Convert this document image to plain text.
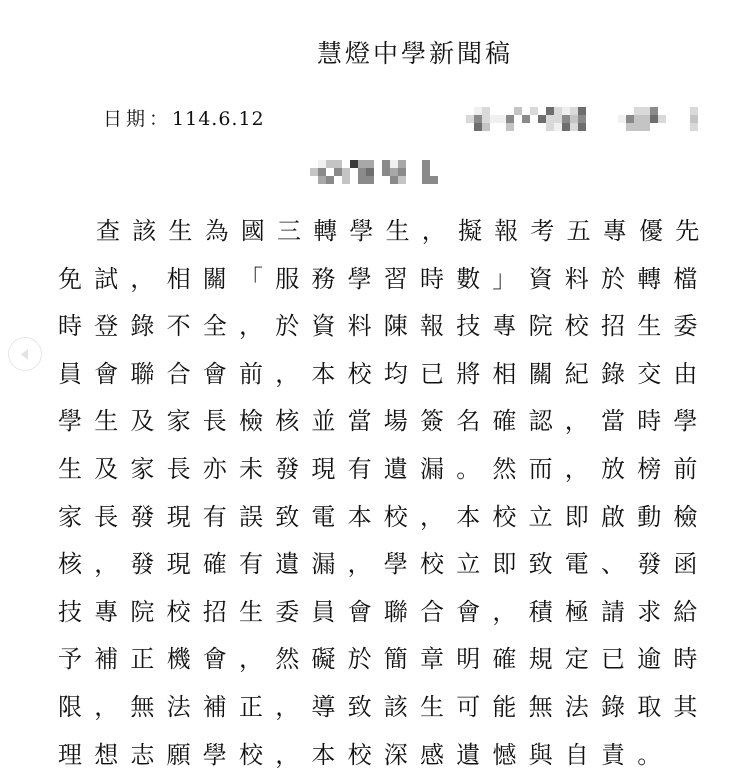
慧燈中學新聞稿
日期：114.6.12
查該生為國三轉學生，擬報考五專優先免試，相關「服務學習時數」資料於轉檔時登錄不全，於資料陳報技專院校招生委員會聯合會前，本校均已將相關紀錄交由學生及家長檢核並當場簽名確認，當時學生及家長亦未發現有遺漏。然而，放榜前家長發現有誤致電本校，本校立即啟動檢核，發現確有遺漏，學校立即致電、發函技專院校招生委員會聯合會，積極請求給予補正機會，然礙於簡章明確規定已逾時限，無法補正，導致該生可能無法錄取其理想志願學校，本校深感遺憾與自責。
